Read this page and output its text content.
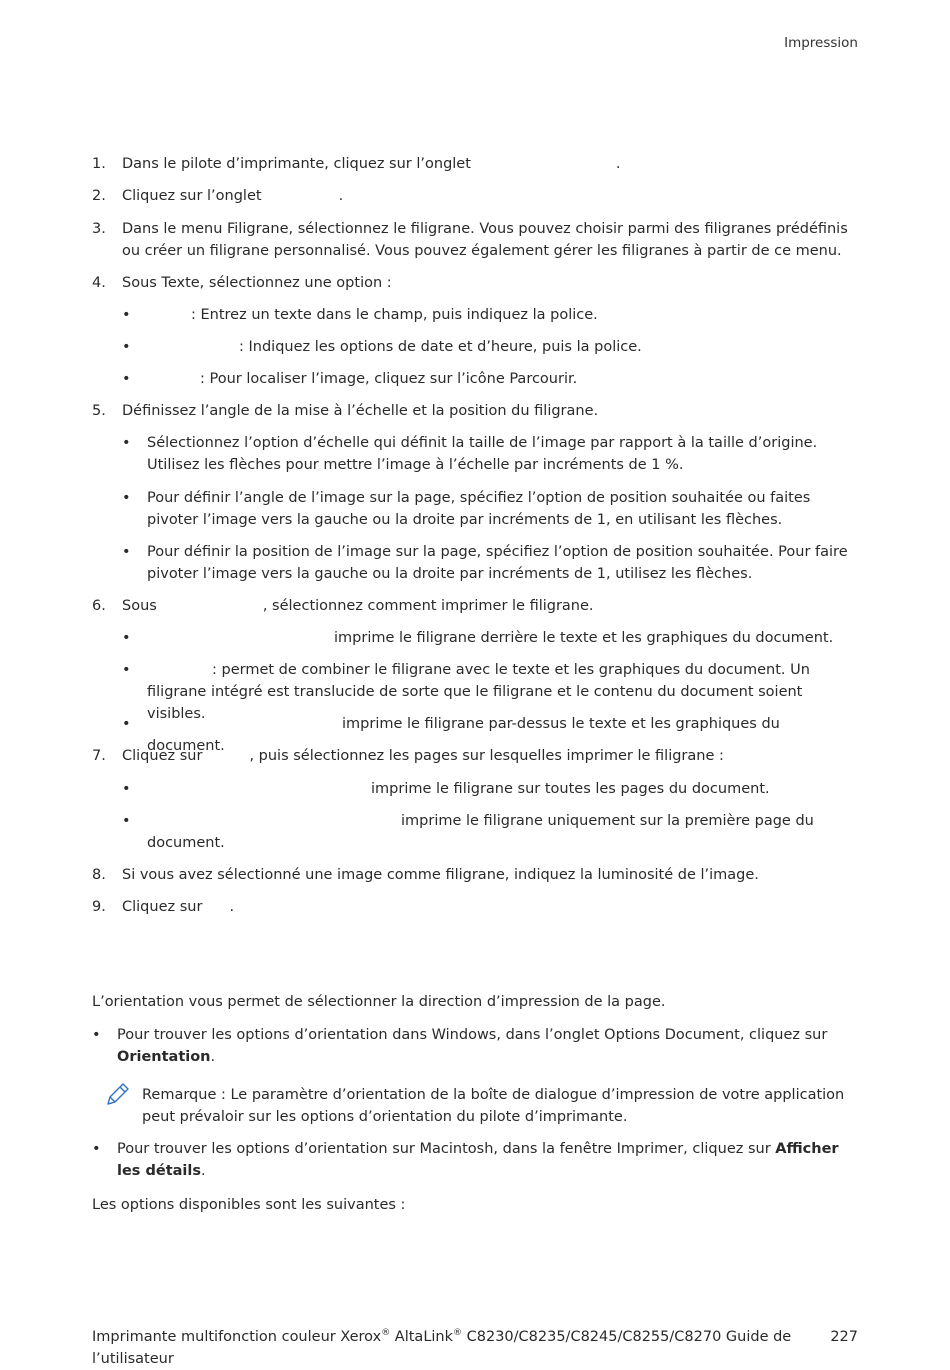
Impression
1.	Dans le pilote d’imprimante, cliquez sur l’onglet	.
2.	Cliquez sur l’onglet	.
3.	Dans le menu Filigrane, sélectionnez le filigrane. Vous pouvez choisir parmi des filigranes prédéfinis ou créer un filigrane personnalisé. Vous pouvez également gérer les filigranes à partir de ce menu.
4.	Sous Texte, sélectionnez une option :
•	: Entrez un texte dans le champ, puis indiquez la police.
•	: Indiquez les options de date et d’heure, puis la police.
•	: Pour localiser l’image, cliquez sur l’icône Parcourir.
5.	Définissez l’angle de la mise à l’échelle et la position du filigrane.
•	Sélectionnez l’option d’échelle qui définit la taille de l’image par rapport à la taille d’origine. Utilisez les flèches pour mettre l’image à l’échelle par incréments de 1 %.
•	Pour définir l’angle de l’image sur la page, spécifiez l’option de position souhaitée ou faites pivoter l’image vers la gauche ou la droite par incréments de 1, en utilisant les flèches.
•	Pour définir la position de l’image sur la page, spécifiez l’option de position souhaitée. Pour faire pivoter l’image vers la gauche ou la droite par incréments de 1, utilisez les flèches.
6.	Sous	, sélectionnez comment imprimer le filigrane.
•	imprime le filigrane derrière le texte et les graphiques du document.
•	: permet de combiner le filigrane avec le texte et les graphiques du document. Un filigrane intégré est translucide de sorte que le filigrane et le contenu du document soient visibles.
•	imprime le filigrane par-dessus le texte et les graphiques du document.
7.	Cliquez sur	, puis sélectionnez les pages sur lesquelles imprimer le filigrane :
•	imprime le filigrane sur toutes les pages du document.
•	imprime le filigrane uniquement sur la première page du
document.
8.	Si vous avez sélectionné une image comme filigrane, indiquez la luminosité de l’image.
9.	Cliquez sur .
L’orientation vous permet de sélectionner la direction d’impression de la page.
•	Pour trouver les options d’orientation dans Windows, dans l’onglet Options Document, cliquez sur Orientation.
Remarque : Le paramètre d’orientation de la boîte de dialogue d’impression de votre application peut prévaloir sur les options d’orientation du pilote d’imprimante.
•	Pour trouver les options d’orientation sur Macintosh, dans la fenêtre Imprimer, cliquez sur Afficher les détails.
Les options disponibles sont les suivantes :
Imprimante multifonction couleur Xerox® AltaLink® C8230/C8235/C8245/C8255/C8270 Guide de l’utilisateur
227
